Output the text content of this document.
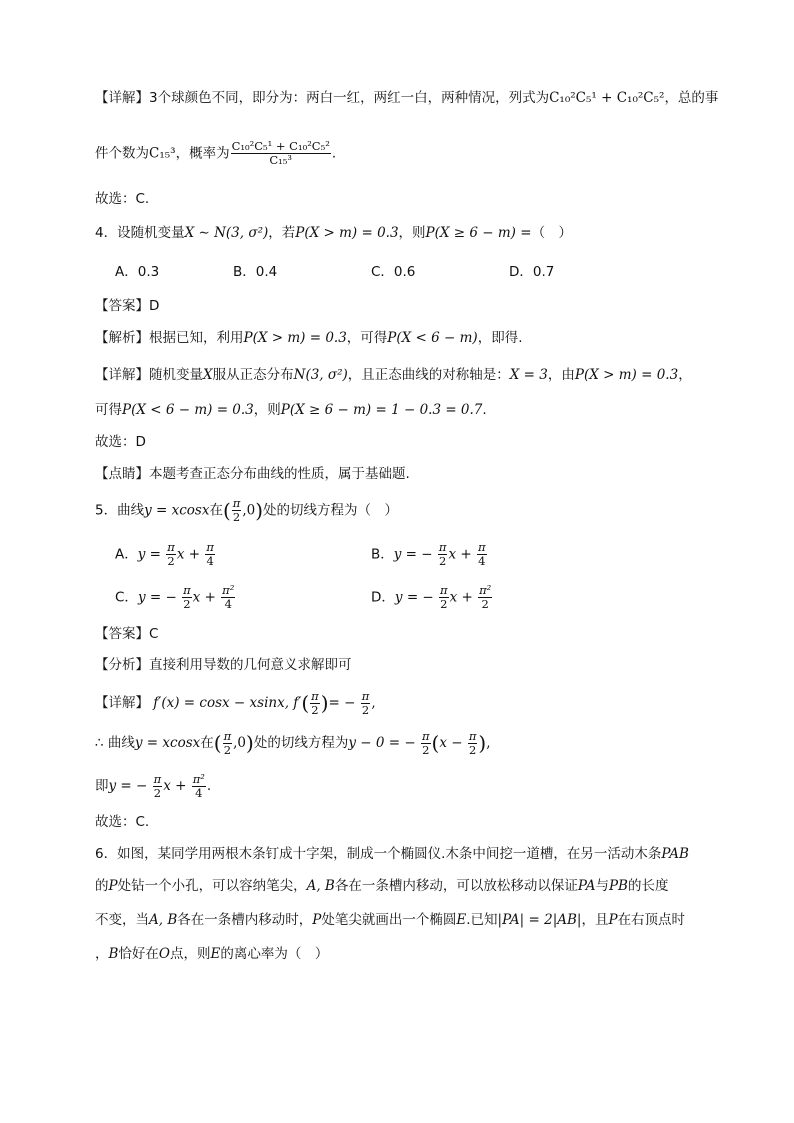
【详解】3个球颜色不同，即分为：两白一红，两红一白，两种情况，列式为C₁₀²C₅¹ + C₁₀²C₅²，总的事
件个数为C₁₅³，概率为 $\frac{\text{C₁₀²C₅¹ + C₁₀²C₅²}}{\text{C₁₅³}}$ .
故选：C.
4．设随机变量X ∼ N(3, σ²)，若P(X > m) = 0.3，则P(X ≥ 6 − m) =（　）
A．0.3	B．0.4	C．0.6	D．0.7
【答案】D
【解析】根据已知，利用P(X > m) = 0.3，可得P(X < 6 − m)，即得.
【详解】随机变量X服从正态分布N(3, σ²)，且正态曲线的对称轴是：X = 3，由P(X > m) = 0.3，
可得P(X < 6 − m) = 0.3，则P(X ≥ 6 − m) = 1 − 0.3 = 0.7.
故选：D
【点睛】本题考查正态分布曲线的性质，属于基础题.
5．曲线y = xcosx在( $\frac{\pi}{2} ,0$)处的切线方程为（　）
A．$y = \frac{\pi}{2}$ $x + \frac{\pi}{4}$	B．y = − $\frac{\pi}{2}$ $x + \frac{\pi}{4}$
C．y = − $\frac{\pi}{2}$ $x + \frac{\text{π²}}{4}$	D．y = − $\frac{\pi}{2}$ $x + \frac{\text{π²}}{2}$
【答案】C
【分析】直接利用导数的几何意义求解即可
【详解】 f′(x) = cosx − xsinx, $f'( \frac{\pi}{2}$ )= − $\frac{\pi}{2}$ ,
∴ 曲线y = xcosx在( $\frac{\pi}{2} ,0$)处的切线方程为y − 0 = − $\frac{\pi}{2} (x - \frac{\pi}{2}$ ),
即y = − $\frac{\pi}{2}$ $x + \frac{\text{π²}}{4}$ .
故选：C.
6．如图，某同学用两根木条钉成十字架，制成一个椭圆仪.木条中间挖一道槽，在另一活动木条PAB
的P处钻一个小孔，可以容纳笔尖，A, B各在一条槽内移动，可以放松移动以保证PA与PB的长度
不变，当A, B各在一条槽内移动时，P处笔尖就画出一个椭圆E.已知|PA| = 2|AB|，且P在右顶点时
，B恰好在O点，则E的离心率为（　）
